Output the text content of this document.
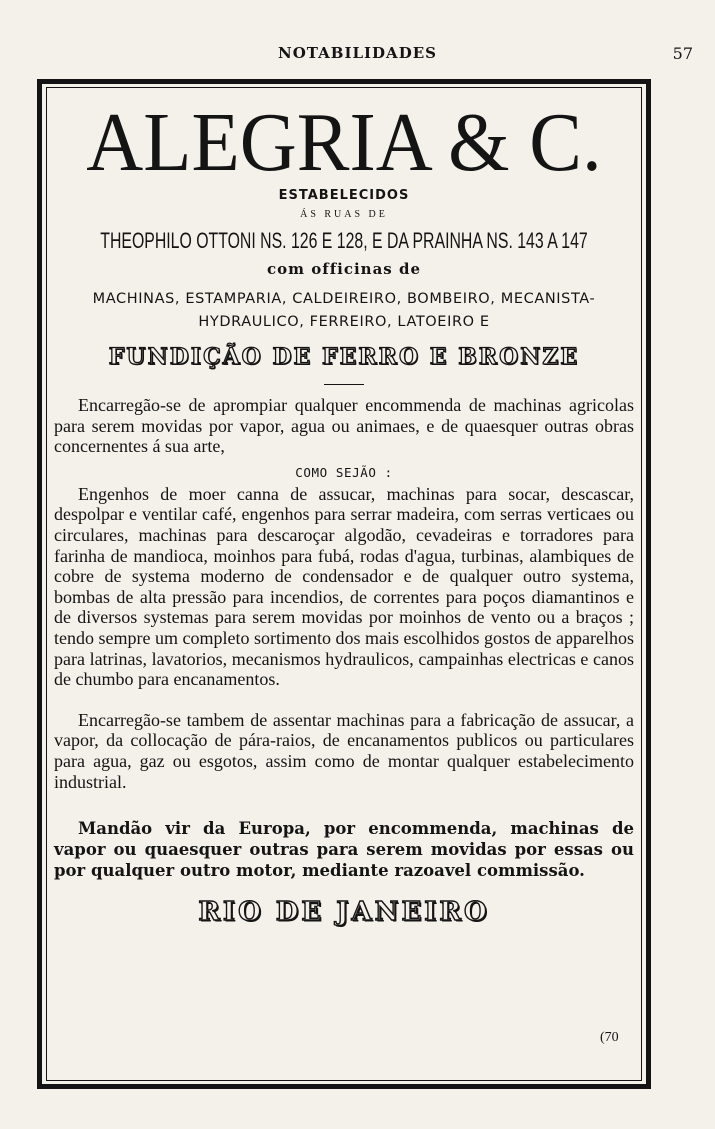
NOTABILIDADES	57
ALEGRIA & C.
ESTABELECIDOS
ÁS RUAS DE
THEOPHILO OTTONI NS. 126 E 128, E DA PRAINHA NS. 143 A 147
com officinas de
MACHINAS, ESTAMPARIA, CALDEIREIRO, BOMBEIRO, MECANISTA-
HYDRAULICO, FERREIRO, LATOEIRO E
FUNDIÇÃO DE FERRO E BRONZE

Encarregão-se de aprompiar qualquer encommenda de machinas agricolas para serem movidas por vapor, agua ou animaes, e de quaesquer outras obras concernentes á sua arte,

COMO SEJÃO :

Engenhos de moer canna de assucar, machinas para socar, descascar, despolpar e ventilar café, engenhos para serrar madeira, com serras verticaes ou circulares, machinas para descaroçar algodão, cevadeiras e torradores para farinha de mandioca, moinhos para fubá, rodas d'agua, turbinas, alambiques de cobre de systema moderno de condensador e de qualquer outro systema, bombas de alta pressão para incendios, de correntes para poços diamantinos e de diversos systemas para serem movidas por moinhos de vento ou a braços ; tendo sempre um completo sortimento dos mais escolhidos gostos de apparelhos para latrinas, lavatorios, mecanismos hydraulicos, campainhas electricas e canos de chumbo para encanamentos.

Encarregão-se tambem de assentar machinas para a fabricação de assucar, a vapor, da collocação de pára-raios, de encanamentos publicos ou particulares para agua, gaz ou esgotos, assim como de montar qualquer estabelecimento industrial.

Mandão vir da Europa, por encommenda, machinas de vapor ou quaesquer outras para serem movidas por essas ou por qualquer outro motor, mediante razoavel commissão.

RIO DE JANEIRO
(70
